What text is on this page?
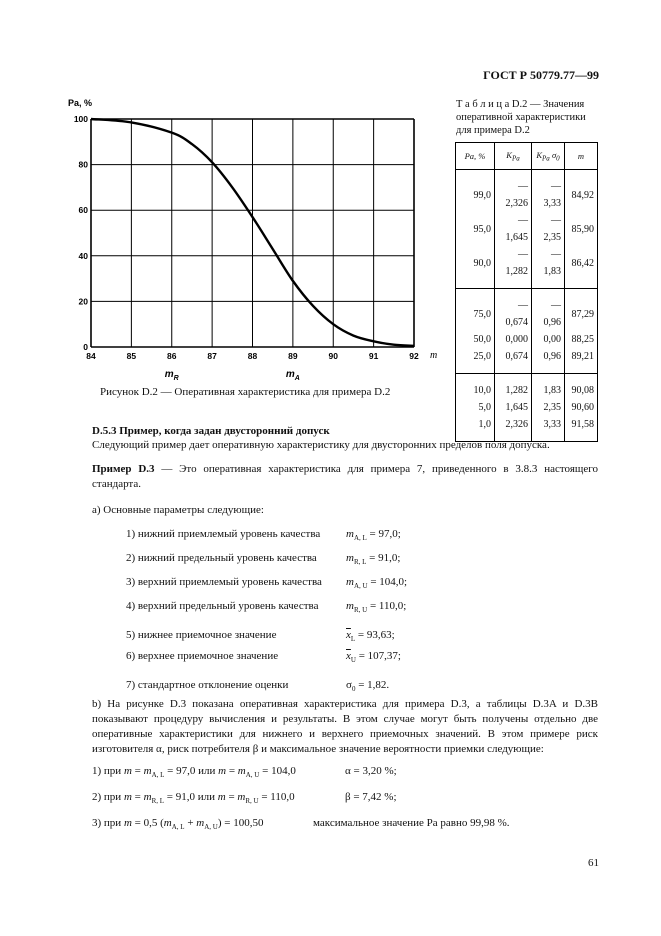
ГОСТ Р 50779.77—99
84	85	86	87	88	89	90	91	92
0
20
40
60
80
100
$m_R$	$m_A$
Pa, %
m
Рисунок D.2 — Оперативная характеристика для примера D.2
Т а б л и ц а D.2 — Значения
оперативной характеристики
для примера D.2
Pa, %	$K_{Pa}$	$K_{Pa}$ $\sigma_0$	m

99,0	—2,326	—3,33	84,92
95,0	—1,645	—2,35	85,90
90,0	—1,282	—1,83	86,42

75,0	—0,674	—0,96	87,29
50,0	0,000	0,00	88,25
25,0	0,674	0,96	89,21

10,0	1,282	1,83	90,08
5,0	1,645	2,35	90,60
1,0	2,326	3,33	91,58

D.5.3 Пример, когда задан двусторонний допуск
Следующий пример дает оперативную характеристику для двусторонних пределов поля допуска.
Пример D.3 — Это оперативная характеристика для примера 7, приведенного в 3.8.3 настоящего стандарта.
a) Основные параметры следующие:
1) нижний приемлемый уровень качества $m_{A, L} = 97,0$;
2) нижний предельный уровень качества	$m_{R, L} = 91,0$;
3) верхний приемлемый уровень качества $m_{A, U} = 104,0$;
4) верхний предельный уровень качества	$m_{R, U} = 110,0$;
5) нижнее приемочное значение	$\overline{x}_L = 93,63$;
6) верхнее приемочное значение	$\overline{x}_U = 107,37$;
7) стандартное отклонение оценки	$\sigma_0 = 1,82$.
b) На рисунке D.3 показана оперативная характеристика для примера D.3, а таблицы D.3A и D.3B показывают процедуру вычисления и результаты. В этом случае могут быть получены отдельно две оперативные характеристики для нижнего и верхнего приемочных значений. В этом примере риск изготовителя α, риск потребителя β и максимальное значение вероятности приемки следующие:
1) при $m = m_{A, L} = 97,0$ или $m = m_{A, U} = 104,0$	α = 3,20 %;
2) при $m = m_{R, L} = 91,0$ или $m = m_{R, U} = 110,0$	β = 7,42 %;
3) при m = 0,5 $(m_{A, L} + m_{A, U}) = 100,50$	максимальное значение Pa равно 99,98 %.
61
